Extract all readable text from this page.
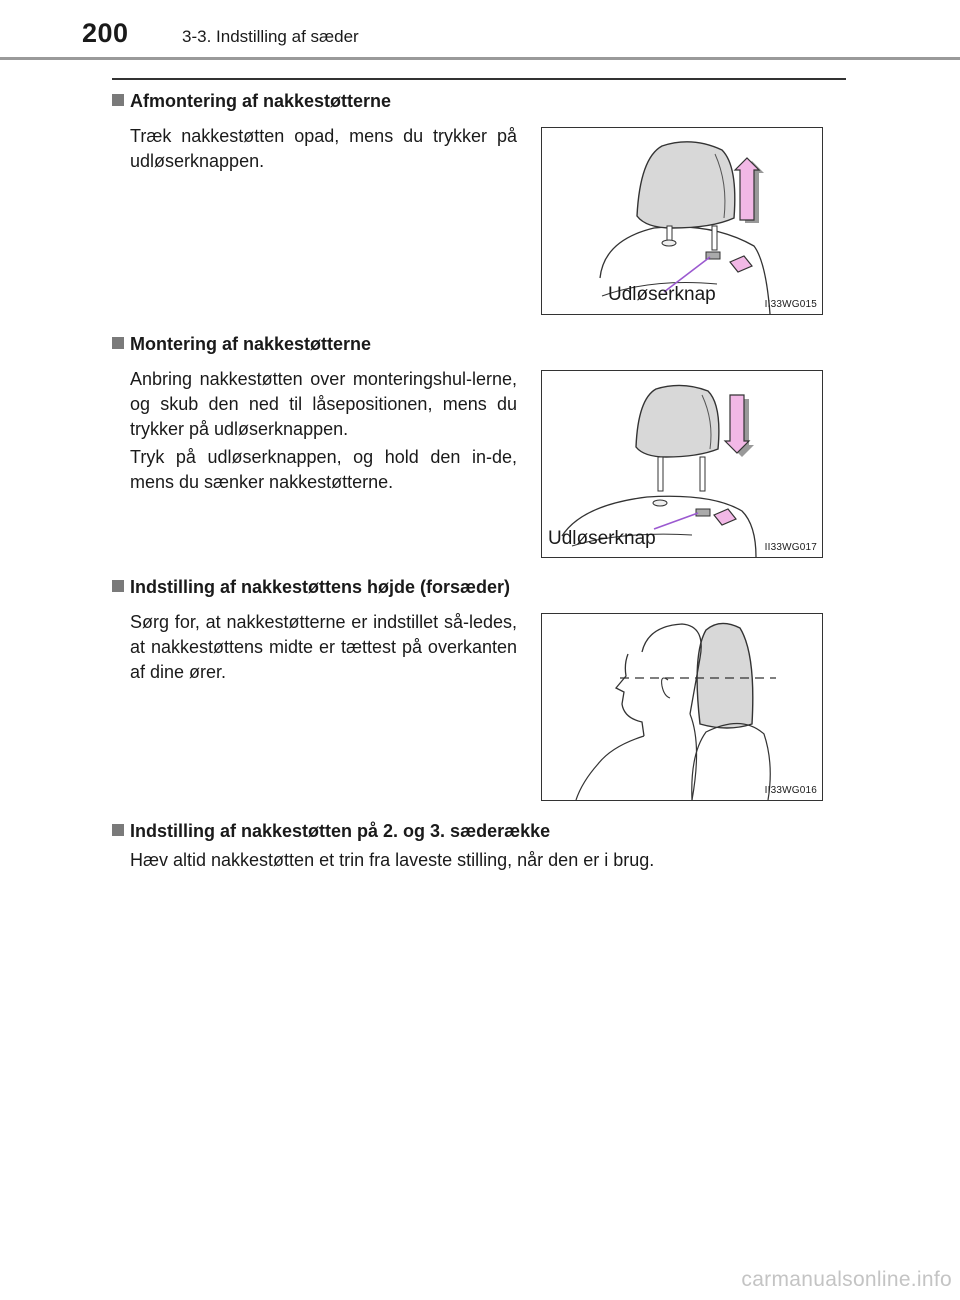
200	3-3. Indstilling af sæder
Afmontering af nakkestøtterne
Træk nakkestøtten opad, mens du trykker på udløserknappen.
Udløserknap	II33WG015
Montering af nakkestøtterne
Anbring nakkestøtten over monteringshul-lerne, og skub den ned til låsepositionen, mens du trykker på udløserknappen.
Tryk på udløserknappen, og hold den in-de, mens du sænker nakkestøtterne.
Udløserknap	II33WG017
Indstilling af nakkestøttens højde (forsæder)
Sørg for, at nakkestøtterne er indstillet så-ledes, at nakkestøttens midte er tættest på overkanten af dine ører.
II33WG016
Indstilling af nakkestøtten på 2. og 3. sæderække
Hæv altid nakkestøtten et trin fra laveste stilling, når den er i brug.
carmanualsonline.info
